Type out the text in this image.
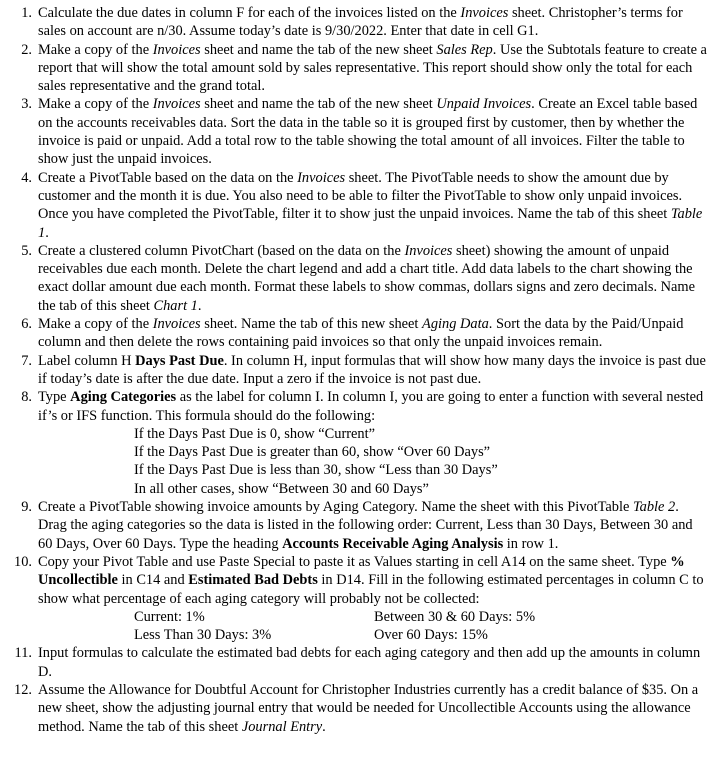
1. Calculate the due dates in column F for each of the invoices listed on the Invoices sheet. Christopher’s terms for sales on account are n/30. Assume today’s date is 9/30/2022. Enter that date in cell G1.
2. Make a copy of the Invoices sheet and name the tab of the new sheet Sales Rep. Use the Subtotals feature to create a report that will show the total amount sold by sales representative. This report should show only the total for each sales representative and the grand total.
3. Make a copy of the Invoices sheet and name the tab of the new sheet Unpaid Invoices. Create an Excel table based on the accounts receivables data. Sort the data in the table so it is grouped first by customer, then by whether the invoice is paid or unpaid. Add a total row to the table showing the total amount of all invoices. Filter the table to show just the unpaid invoices.
4. Create a PivotTable based on the data on the Invoices sheet. The PivotTable needs to show the amount due by customer and the month it is due. You also need to be able to filter the PivotTable to show only unpaid invoices. Once you have completed the PivotTable, filter it to show just the unpaid invoices. Name the tab of this sheet Table 1.
5. Create a clustered column PivotChart (based on the data on the Invoices sheet) showing the amount of unpaid receivables due each month. Delete the chart legend and add a chart title. Add data labels to the chart showing the exact dollar amount due each month. Format these labels to show commas, dollars signs and zero decimals. Name the tab of this sheet Chart 1.
6. Make a copy of the Invoices sheet. Name the tab of this new sheet Aging Data. Sort the data by the Paid/Unpaid column and then delete the rows containing paid invoices so that only the unpaid invoices remain.
7. Label column H Days Past Due. In column H, input formulas that will show how many days the invoice is past due if today’s date is after the due date. Input a zero if the invoice is not past due.
8. Type Aging Categories as the label for column I. In column I, you are going to enter a function with several nested if’s or IFS function. This formula should do the following:
If the Days Past Due is 0, show “Current”
If the Days Past Due is greater than 60, show “Over 60 Days”
If the Days Past Due is less than 30, show “Less than 30 Days”
In all other cases, show “Between 30 and 60 Days”
9. Create a PivotTable showing invoice amounts by Aging Category. Name the sheet with this PivotTable Table 2. Drag the aging categories so the data is listed in the following order: Current, Less than 30 Days, Between 30 and 60 Days, Over 60 Days. Type the heading Accounts Receivable Aging Analysis in row 1.
10. Copy your Pivot Table and use Paste Special to paste it as Values starting in cell A14 on the same sheet. Type % Uncollectible in C14 and Estimated Bad Debts in D14. Fill in the following estimated percentages in column C to show what percentage of each aging category will probably not be collected:
Current: 1%	Between 30 & 60 Days: 5%
Less Than 30 Days: 3%	Over 60 Days: 15%
11. Input formulas to calculate the estimated bad debts for each aging category and then add up the amounts in column D.
12. Assume the Allowance for Doubtful Account for Christopher Industries currently has a credit balance of $35. On a new sheet, show the adjusting journal entry that would be needed for Uncollectible Accounts using the allowance method. Name the tab of this sheet Journal Entry.
